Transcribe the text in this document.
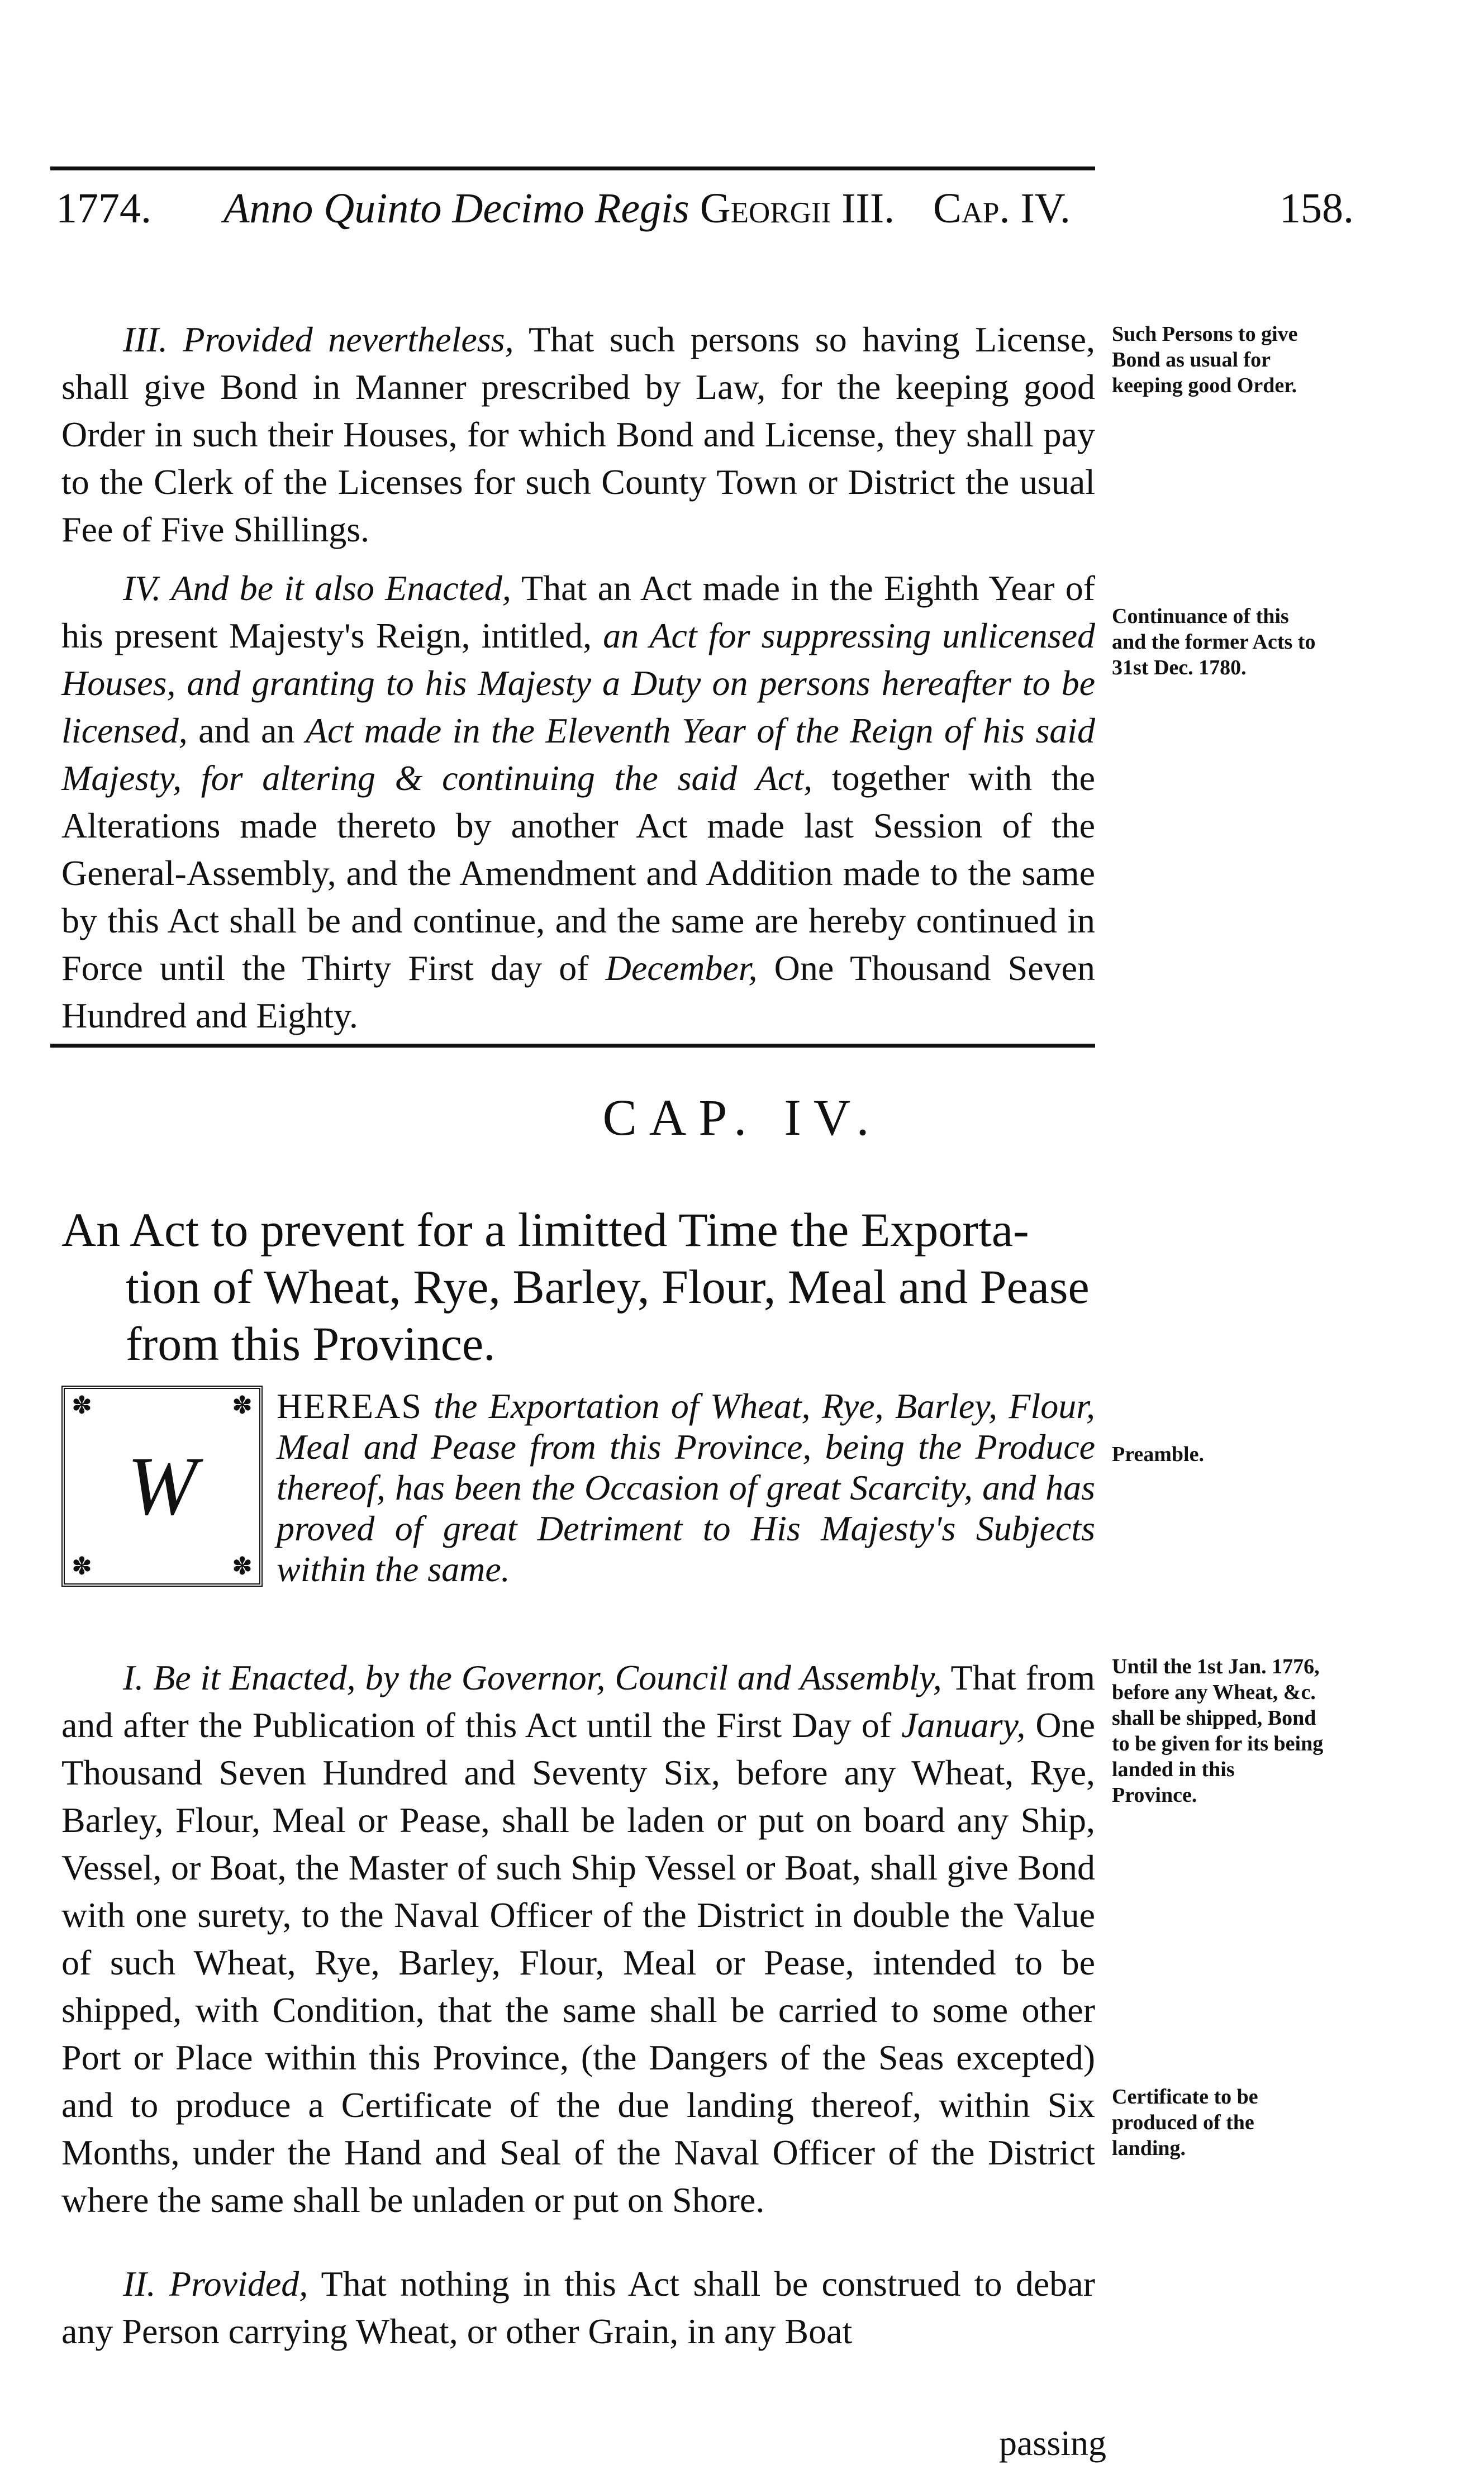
1774. Anno Quinto Decimo Regis Georgii III. Cap. IV.	158.
III. Provided nevertheless, That such persons so having License, shall give Bond in Manner prescribed by Law, for the keeping good Order in such their Houses, for which Bond and License, they shall pay to the Clerk of the Licenses for such County Town or District the usual Fee of Five Shillings.
Such Persons to give Bond as usual for keeping good Order.
IV. And be it also Enacted, That an Act made in the Eighth Year of his present Majesty's Reign, intitled, an Act for suppressing unlicensed Houses, and granting to his Majesty a Duty on persons hereafter to be licensed, and an Act made in the Eleventh Year of the Reign of his said Majesty, for altering & continuing the said Act, together with the Alterations made thereto by another Act made last Session of the General-Assembly, and the Amendment and Addition made to the same by this Act shall be and continue, and the same are hereby continued in Force until the Thirty First day of December, One Thousand Seven Hundred and Eighty.
Continuance of this and the former Acts to 31st Dec. 1780.
CAP. IV.
An Act to prevent for a limitted Time the Exporta-
tion of Wheat, Rye, Barley, Flour, Meal and Pease
from this Province.
✽	✽
✽	✽
W
HEREAS the Exportation of Wheat, Rye, Barley, Flour, Meal and Pease from this Province, being the Produce thereof, has been the Occasion of great Scarcity, and has proved of great Detriment to His Majesty's Subjects within the same.
Preamble.
I. Be it Enacted, by the Governor, Council and Assembly, That from and after the Publication of this Act until the First Day of January, One Thousand Seven Hundred and Seventy Six, before any Wheat, Rye, Barley, Flour, Meal or Pease, shall be laden or put on board any Ship, Vessel, or Boat, the Master of such Ship Vessel or Boat, shall give Bond with one surety, to the Naval Officer of the District in double the Value of such Wheat, Rye, Barley, Flour, Meal or Pease, intended to be shipped, with Condition, that the same shall be carried to some other Port or Place within this Province, (the Dangers of the Seas excepted) and to produce a Certificate of the due landing thereof, within Six Months, under the Hand and Seal of the Naval Officer of the District where the same shall be unladen or put on Shore.
Until the 1st Jan. 1776, before any Wheat, &c. shall be shipped, Bond to be given for its being landed in this Province.
Certificate to be produced of the landing.
II. Provided, That nothing in this Act shall be construed to debar any Person carrying Wheat, or other Grain, in any Boat
passing
